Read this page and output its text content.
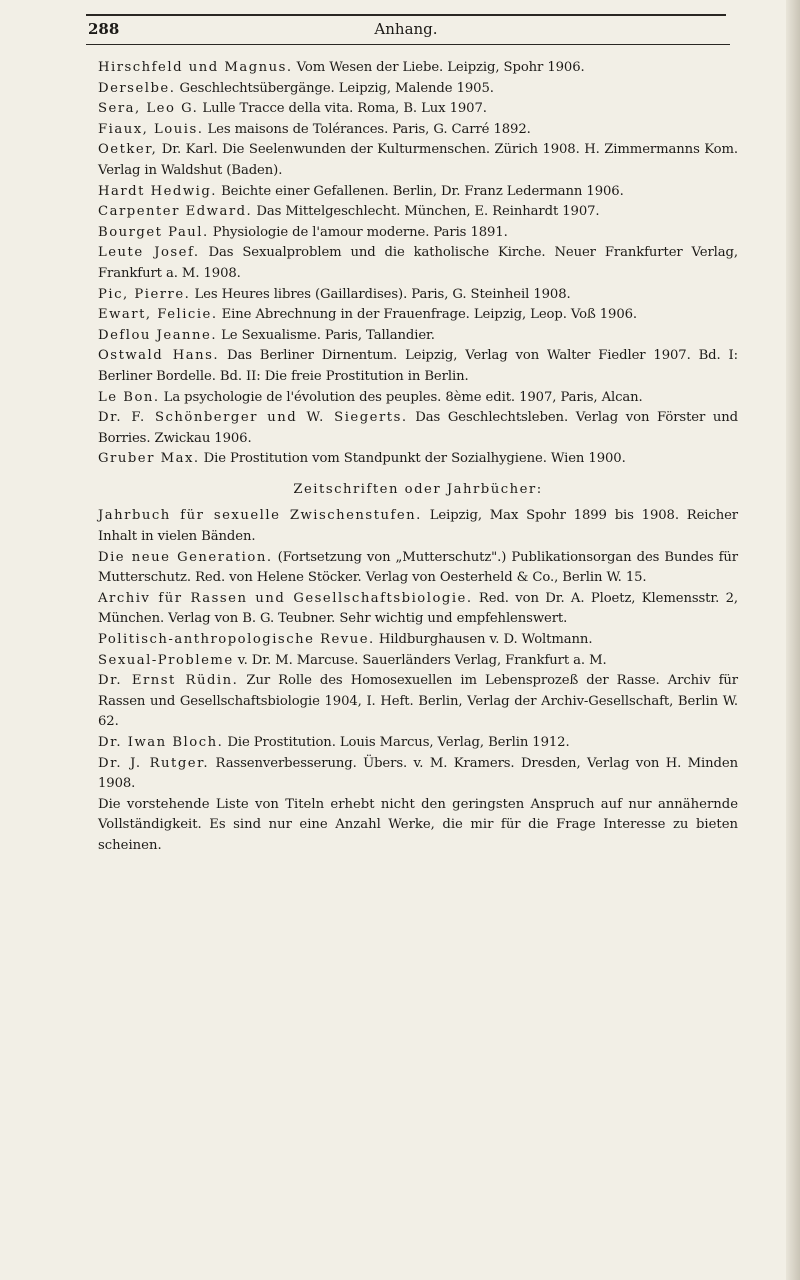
288	Anhang.

Hirschfeld und Magnus. Vom Wesen der Liebe. Leipzig, Spohr 1906.

Derselbe. Geschlechtsübergänge. Leipzig, Malende 1905.

Sera, Leo G. Lulle Tracce della vita. Roma, B. Lux 1907.

Fiaux, Louis. Les maisons de Tolérances. Paris, G. Carré 1892.

Oetker, Dr. Karl. Die Seelenwunden der Kulturmenschen. Zürich 1908. H. Zimmermanns Kom. Verlag in Waldshut (Baden).

Hardt Hedwig. Beichte einer Gefallenen. Berlin, Dr. Franz Ledermann 1906.

Carpenter Edward. Das Mittelgeschlecht. München, E. Reinhardt 1907.

Bourget Paul. Physiologie de l'amour moderne. Paris 1891.

Leute Josef. Das Sexualproblem und die katholische Kirche. Neuer Frankfurter Verlag, Frankfurt a. M. 1908.

Pic, Pierre. Les Heures libres (Gaillardises). Paris, G. Steinheil 1908.

Ewart, Felicie. Eine Abrechnung in der Frauenfrage. Leipzig, Leop. Voß 1906.

Deflou Jeanne. Le Sexualisme. Paris, Tallandier.

Ostwald Hans. Das Berliner Dirnentum. Leipzig, Verlag von Walter Fiedler 1907. Bd. I: Berliner Bordelle. Bd. II: Die freie Prostitution in Berlin.

Le Bon. La psychologie de l'évolution des peuples. 8ème edit. 1907, Paris, Alcan.

Dr. F. Schönberger und W. Siegerts. Das Geschlechtsleben. Verlag von Förster und Borries. Zwickau 1906.

Gruber Max. Die Prostitution vom Standpunkt der Sozialhygiene. Wien 1900.

Zeitschriften oder Jahrbücher:

Jahrbuch für sexuelle Zwischenstufen. Leipzig, Max Spohr 1899 bis 1908. Reicher Inhalt in vielen Bänden.

Die neue Generation. (Fortsetzung von „Mutterschutz".) Publikationsorgan des Bundes für Mutterschutz. Red. von Helene Stöcker. Verlag von Oesterheld & Co., Berlin W. 15.

Archiv für Rassen und Gesellschaftsbiologie. Red. von Dr. A. Ploetz, Klemensstr. 2, München. Verlag von B. G. Teubner. Sehr wichtig und empfehlenswert.

Politisch-anthropologische Revue. Hildburghausen v. D. Woltmann.

Sexual-Probleme v. Dr. M. Marcuse. Sauerländers Verlag, Frankfurt a. M.

Dr. Ernst Rüdin. Zur Rolle des Homosexuellen im Lebensprozeß der Rasse. Archiv für Rassen und Gesellschaftsbiologie 1904, I. Heft. Berlin, Verlag der Archiv-Gesellschaft, Berlin W. 62.

Dr. Iwan Bloch. Die Prostitution. Louis Marcus, Verlag, Berlin 1912.

Dr. J. Rutger. Rassenverbesserung. Übers. v. M. Kramers. Dresden, Verlag von H. Minden 1908.

Die vorstehende Liste von Titeln erhebt nicht den geringsten Anspruch auf nur annähernde Vollständigkeit. Es sind nur eine Anzahl Werke, die mir für die Frage Interesse zu bieten scheinen.
